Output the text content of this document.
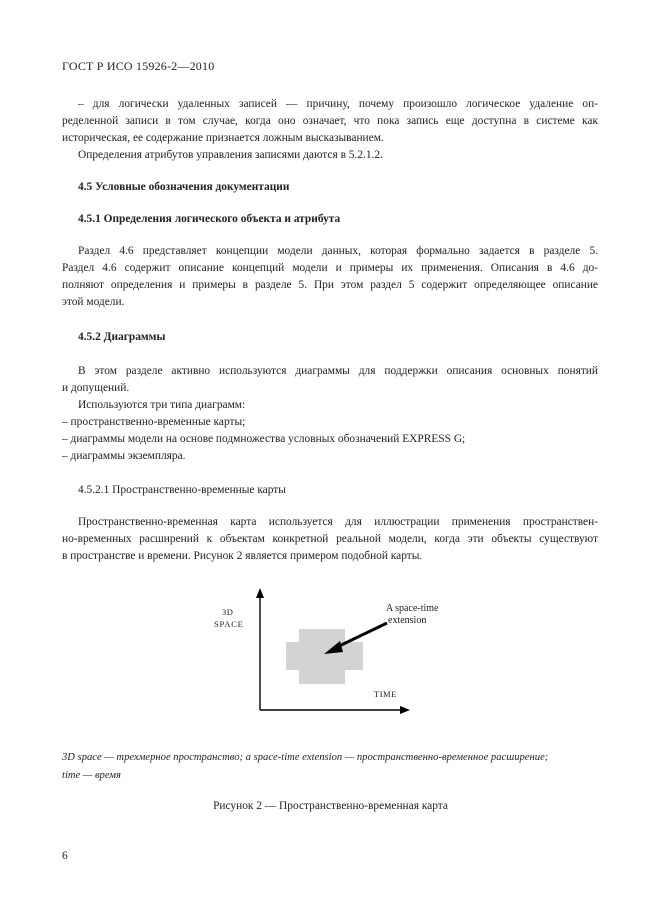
ГОСТ Р ИСО 15926-2—2010

– для логически удаленных записей — причину, почему произошло логическое удаление оп-

ределенной записи в том случае, когда оно означает, что пока запись еще доступна в системе как

историческая, ее содержание признается ложным высказыванием.

Определения атрибутов управления записями даются в 5.2.1.2.

4.5 Условные обозначения документации

4.5.1 Определения логического объекта и атрибута

Раздел 4.6 представляет концепции модели данных, которая формально задается в разделе 5.

Раздел 4.6 содержит описание концепций модели и примеры их применения. Описания в 4.6 до-

полняют определения и примеры в разделе 5. При этом раздел 5 содержит определяющее описание

этой модели.

4.5.2 Диаграммы

В этом разделе активно используются диаграммы для поддержки описания основных понятий

и допущений.

Используются три типа диаграмм:

– пространственно-временные карты;

– диаграммы модели на основе подмножества условных обозначений EXPRESS G;

– диаграммы экземпляра.

4.5.2.1 Пространственно-временные карты

Пространственно-временная карта используется для иллюстрации применения пространствен-

но-временных расширений к объектам конкретной реальной модели, когда эти объекты существуют

в пространстве и времени. Рисунок 2 является примером подобной карты.

3D
SPACE
TIME
A space-time
extension

3D space — трехмерное пространство; a space-time extension — пространственно-временное расширение;

time — время

Рисунок 2 — Пространственно-временная карта

6
